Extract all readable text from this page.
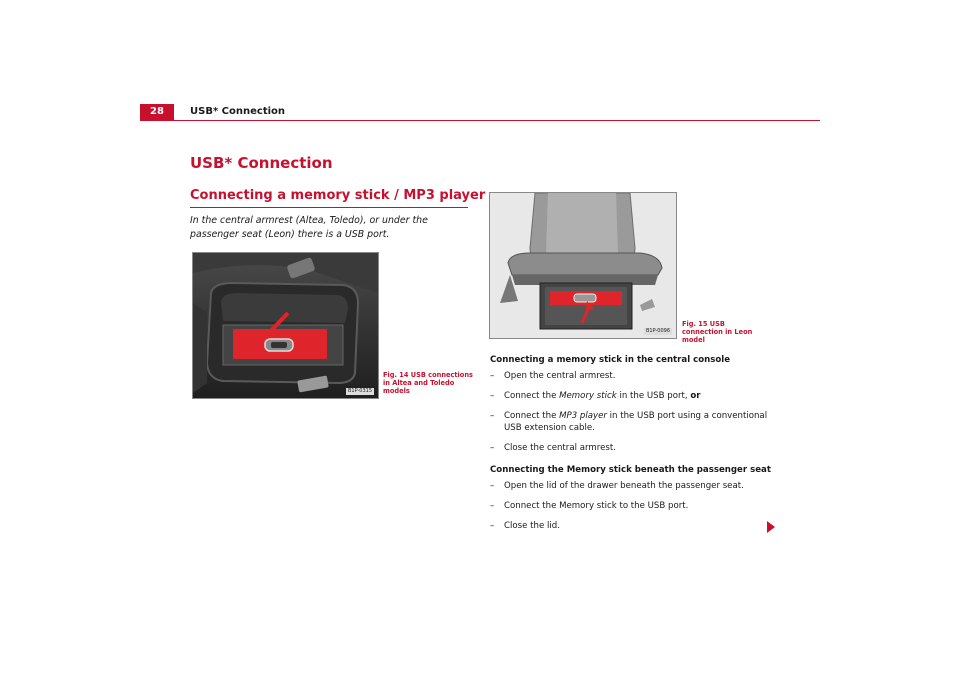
28	USB* Connection
USB* Connection
Connecting a memory stick / MP3 player
In the central armrest (Altea, Toledo), or under the passenger seat (Leon) there is a USB port.
B1P-0315
Fig. 14 USB connections in Altea and Toledo models
B1P-0096
Fig. 15 USB connection in Leon model
Connecting a memory stick in the central console
–	Open the central armrest.
–	Connect the Memory stick in the USB port, or
–	Connect the MP3 player in the USB port using a conventional USB extension cable.
–	Close the central armrest.
Connecting the Memory stick beneath the passenger seat
–	Open the lid of the drawer beneath the passenger seat.
–	Connect the Memory stick to the USB port.
–	Close the lid.
